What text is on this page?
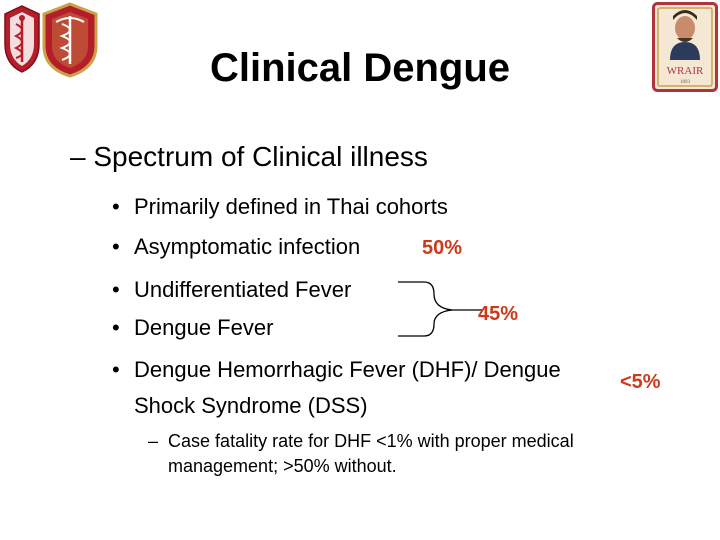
WRAIR
1893
Clinical Dengue
– Spectrum of Clinical illness
• Primarily defined in Thai cohorts
• Asymptomatic infection	50%
• Undifferentiated Fever
• Dengue Fever
45%
• Dengue Hemorrhagic Fever (DHF)/ Dengue
Shock Syndrome (DSS)
<5%
– Case fatality rate for DHF <1% with proper medical
management; >50% without.
